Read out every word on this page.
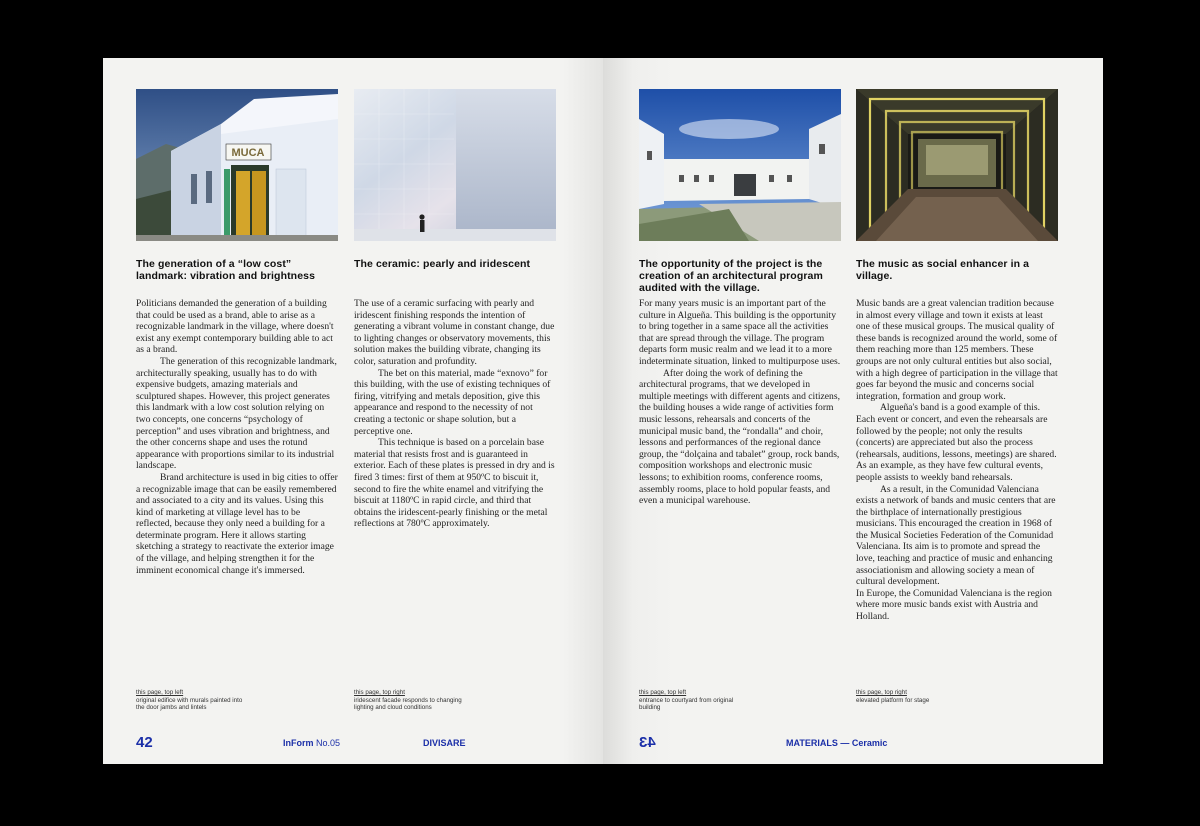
MUCA
The generation of a “low cost” landmark: vibration and brightness

Politicians demanded the generation of a building that could be used as a brand, able to arise as a recognizable landmark in the village, where doesn't exist any exempt contemporary building able to act as a brand.

The generation of this recognizable landmark, architecturally speaking, usually has to do with expensive budgets, amazing materials and sculptured shapes. However, this project generates this landmark with a low cost solution relying on two concepts, one concerns “psychology of perception” and uses vibration and brightness, and the other concerns shape and uses the rotund appearance with proportions similar to its industrial landscape.

Brand architecture is used in big cities to offer a recognizable image that can be easily remembered and associated to a city and its values. Using this kind of marketing at village level has to be reflected, because they only need a building for a determinate program. Here it allows starting sketching a strategy to reactivate the exterior image of the village, and helping strengthen it for the imminent economical change it's immersed.

The ceramic: pearly and iridescent

The use of a ceramic surfacing with pearly and iridescent finishing responds the intention of generating a vibrant volume in constant change, due to lighting changes or observatory movements, this solution makes the building vibrate, changing its color, saturation and profundity.

The bet on this material, made “exnovo” for this building, with the use of existing techniques of firing, vitrifying and metals deposition, give this appearance and respond to the necessity of not creating a tectonic or shape solution, but a perceptive one.

This technique is based on a porcelain base material that resists frost and is guaranteed in exterior. Each of these plates is pressed in dry and is fired 3 times: first of them at 950ºC to biscuit it, second to fire the white enamel and vitrifying the biscuit at 1180ºC in rapid circle, and third that obtains the iridescent-pearly finishing or the metal reflections at 780ºC approximately.

this page, top left
original edifice with murals painted into the door jambs and lintels
this page, top right
iridescent facade responds to changing lighting and cloud conditions
42	InForm No.05	DIVISARE
The opportunity of the project is the creation of an architectural program audited with the village.

For many years music is an important part of the culture in Algueña. This building is the opportunity to bring together in a same space all the activities that are spread through the village. The program departs form music realm and we lead it to a more indeterminate situation, linked to multipurpose uses.

After doing the work of defining the architectural programs, that we developed in multiple meetings with different agents and citizens, the building houses a wide range of activities form music lessons, rehearsals and concerts of the municipal music band, the “rondalla” and choir, lessons and performances of the regional dance group, the “dolçaina and tabalet” group, rock bands, composition workshops and electronic music lessons; to exhibition rooms, conference rooms, assembly rooms, place to hold popular feasts, and even a municipal warehouse.

The music as social enhancer in a village.

Music bands are a great valencian tradition because in almost every village and town it exists at least one of these musical groups. The musical quality of these bands is recognized around the world, some of them reaching more than 125 members. These groups are not only cultural entities but also social, with a high degree of participation in the village that goes far beyond the music and concerns social integration, formation and group work.

Algueña's band is a good example of this. Each event or concert, and even the rehearsals are followed by the people; not only the results (concerts) are appreciated but also the process (rehearsals, auditions, lessons, meetings) are shared. As an example, as they have few cultural events, people assists to weekly band rehearsals.

As a result, in the Comunidad Valenciana exists a network of bands and music centers that are the birthplace of internationally prestigious musicians. This encouraged the creation in 1968 of the Musical Societies Federation of the Comunidad Valenciana. Its aim is to promote and spread the love, teaching and practice of music and enhancing associationism and allowing society a mean of cultural development.

In Europe, the Comunidad Valenciana is the region where more music bands exist with Austria and Holland.

this page, top left
entrance to courtyard from original building
this page, top right
elevated platform for stage
43	MATERIALS — Ceramic
